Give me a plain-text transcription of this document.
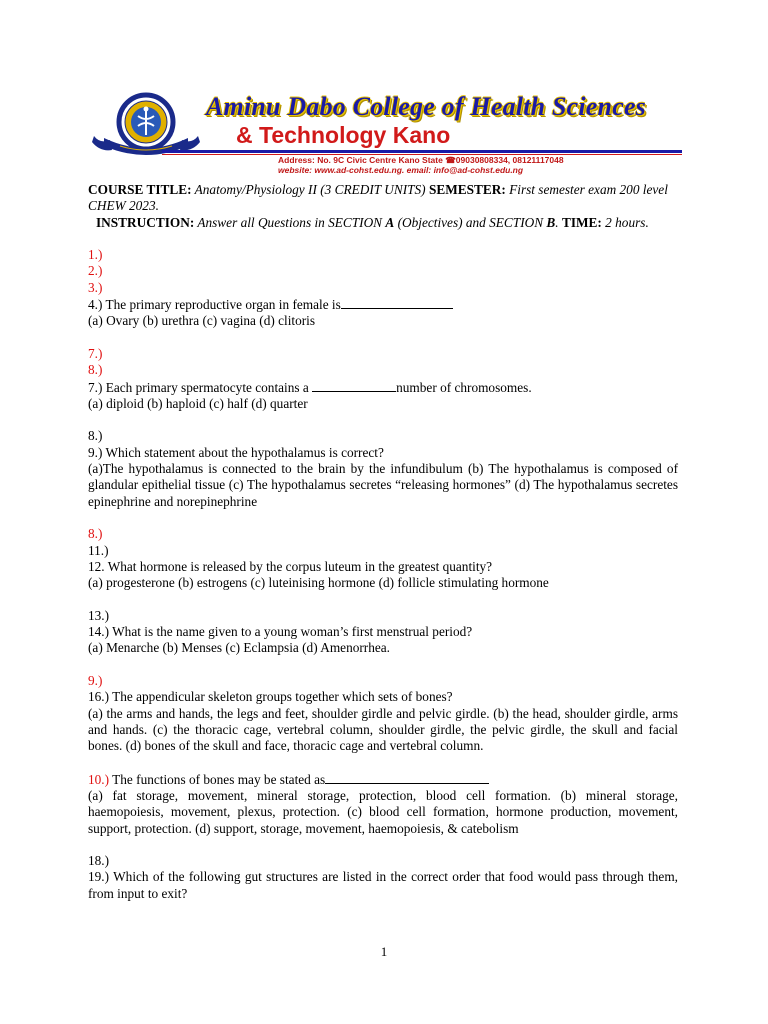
Aminu Dabo College of Health Sciences
& Technology Kano
Address: No. 9C Civic Centre Kano State ☎09030808334, 08121117048
website: www.ad-cohst.edu.ng. email: info@ad-cohst.edu.ng

COURSE TITLE: Anatomy/Physiology II (3 CREDIT UNITS) SEMESTER: First semester exam 200 level CHEW 2023.

INSTRUCTION: Answer all Questions in SECTION A (Objectives) and SECTION B. TIME: 2 hours.

1.)

2.)

3.)

4.) The primary reproductive organ in female is

(a) Ovary (b) urethra (c) vagina (d) clitoris

7.)

8.)

7.) Each primary spermatocyte contains a	number of chromosomes.

(a) diploid (b) haploid (c) half (d) quarter

8.)

9.) Which statement about the hypothalamus is correct?

(a)The hypothalamus is connected to the brain by the infundibulum (b) The hypothalamus is composed of glandular epithelial tissue (c) The hypothalamus secretes “releasing hormones” (d) The hypothalamus secretes epinephrine and norepinephrine

8.)

11.)

12. What hormone is released by the corpus luteum in the greatest quantity?

(a) progesterone (b) estrogens (c) luteinising hormone (d) follicle stimulating hormone

13.)

14.) What is the name given to a young woman’s first menstrual period?

(a) Menarche (b) Menses (c) Eclampsia (d) Amenorrhea.

9.)

16.) The appendicular skeleton groups together which sets of bones?

(a) the arms and hands, the legs and feet, shoulder girdle and pelvic girdle. (b) the head, shoulder girdle, arms and hands. (c) the thoracic cage, vertebral column, shoulder girdle, the pelvic girdle, the skull and facial bones. (d) bones of the skull and face, thoracic cage and vertebral column.

10.) The functions of bones may be stated as

(a) fat storage, movement, mineral storage, protection, blood cell formation. (b) mineral storage, haemopoiesis, movement, plexus, protection. (c) blood cell formation, hormone production, movement, support, protection. (d) support, storage, movement, haemopoiesis, & catebolism

18.)

19.) Which of the following gut structures are listed in the correct order that food would pass through them, from input to exit?

1
